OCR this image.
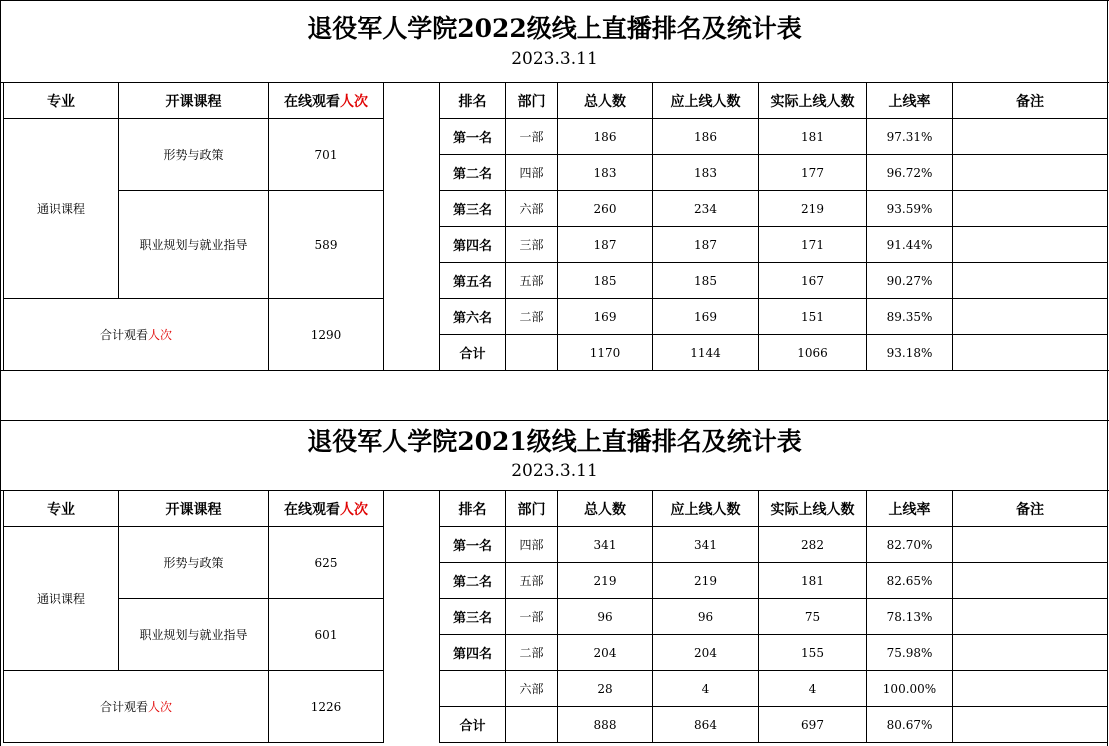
退役军人学院2022级线上直播排名及统计表
2023.3.11
专业	开课课程	在线观看人次
通识课程	形势与政策	701
	职业规划与就业指导	589
合计观看人次		1290
排名	部门	总人数	应上线人数	实际上线人数	上线率	备注
第一名	一部	186	186	181	97.31%	
第二名	四部	183	183	177	96.72%	
第三名	六部	260	234	219	93.59%	
第四名	三部	187	187	171	91.44%	
第五名	五部	185	185	167	90.27%	
第六名	二部	169	169	151	89.35%	
合计		1170	1144	1066	93.18%	
退役军人学院2021级线上直播排名及统计表
2023.3.11
专业	开课课程	在线观看人次
通识课程	形势与政策	625
	职业规划与就业指导	601
合计观看人次		1226
排名	部门	总人数	应上线人数	实际上线人数	上线率	备注
第一名	四部	341	341	282	82.70%	
第二名	五部	219	219	181	82.65%	
第三名	一部	96	96	75	78.13%	
第四名	二部	204	204	155	75.98%	
	六部	28	4	4	100.00%	
合计		888	864	697	80.67%	
